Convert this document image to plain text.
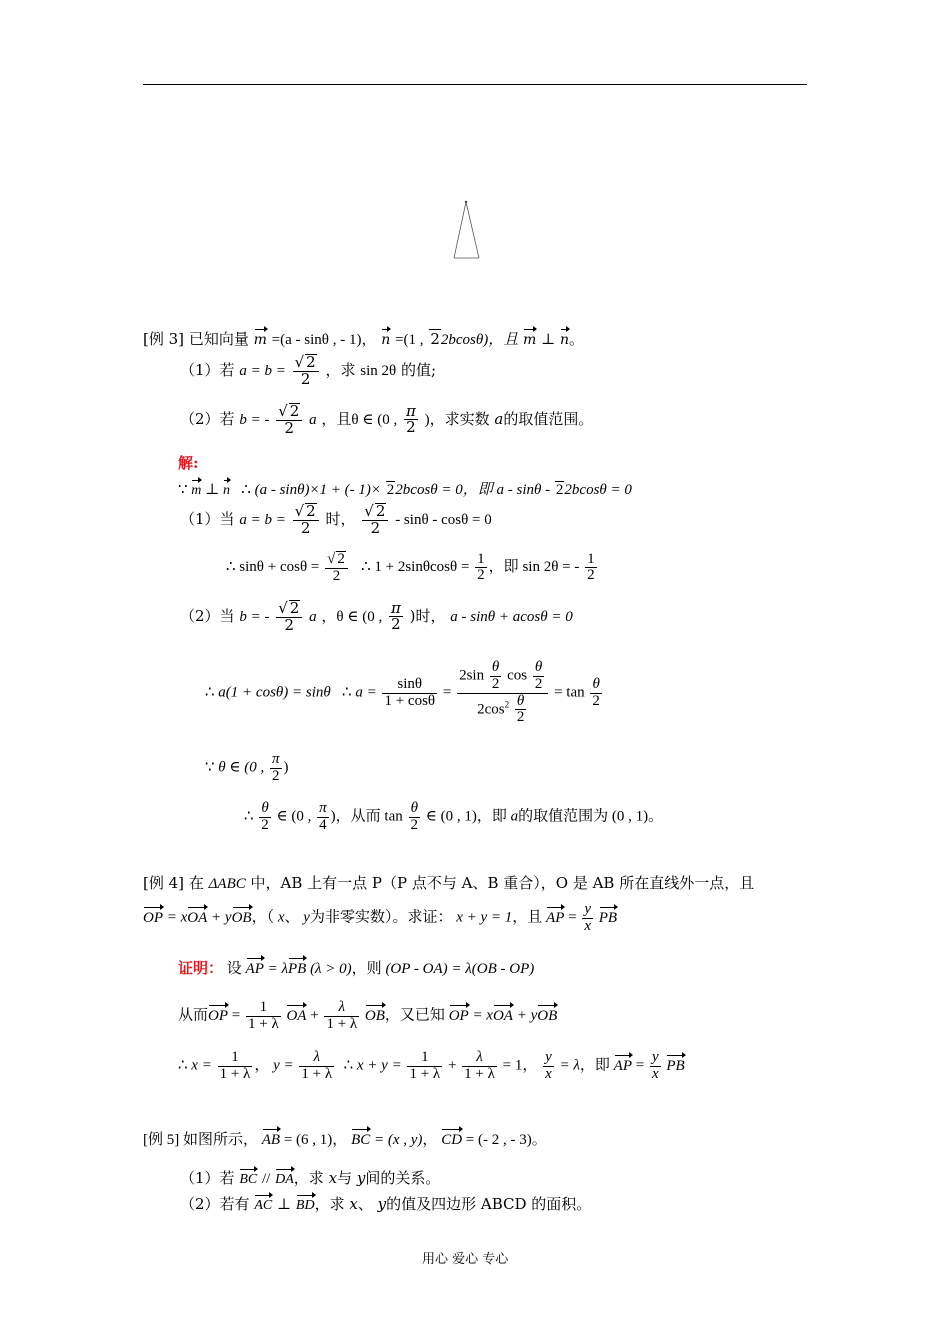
[例 3] 已知向量 m =(a - sinθ , - 1)， n =(1 , 22bcosθ)，且 m ⊥ n。
（1）若 $a = b = \frac{√ 2}{2}$ ，求 sin 2θ 的值;
（2）若 b = - $\frac{√ 2}{2}$ a ，且θ ∈ (0 , $\frac{\pi}{2}$ )，求实数 a的取值范围。
解:
∵ m ⊥ n ∴ (a - sinθ)×1 + (- 1)× 22bcosθ = 0，即 a - sinθ - 22bcosθ = 0
（1）当 $a = b = \frac{√ 2}{2}$ 时， $\frac{√ 2}{2} - \sin\theta - \cos\theta = 0$
∴ $\sin\theta + \cos\theta = \frac{√ 2}{2}$ ∴ $1 + 2\sin\theta\cos\theta = \frac{1}{2}$ ，即 sin 2θ = - $\frac{1}{2}$
（2）当 b = - $\frac{√ 2}{2}$ a ，θ ∈ (0 , $\frac{\pi}{2}$ )时， a - sinθ + acosθ = 0
∴ a(1 + cosθ) = sinθ ∴ $a = \frac{\sin\theta}{1 + \cos\theta} = \frac{2\sin \frac{\theta}{2} \cos \frac{\theta}{2}}{2\cos^2 \frac{\theta}{2}} = \tan \frac{\theta}{2}$
∵ θ ∈ (0 , $\frac{\pi}{2}$ )
∴ $\frac{\theta}{2}$ ∈ (0 , $\frac{\pi}{4}$ )，从而 $\tan \frac{\theta}{2}$ ∈ (0 , 1)，即 a的取值范围为 (0 , 1)。
[例 4] 在 ΔABC 中，AB 上有一点 P（P 点不与 A、B 重合），O 是 AB 所在直线外一点，且
OP = xOA + yOB，（ x、 y为非零实数）。求证： x + y = 1，且 AP = $\frac{y}{x}$ PB
证明： 设 AP = λPB (λ > 0)，则 (OP - OA) = λ(OB - OP)
从而OP = $\frac{1}{1 + \lambda}$ OA + $\frac{\lambda}{1 + \lambda}$ OB，又已知 OP = xOA + yOB
∴ $x = \frac{1}{1 + \lambda}$ ， $y = \frac{\lambda}{1 + \lambda}$ ∴ $x + y = \frac{1}{1 + \lambda} + \frac{\lambda}{1 + \lambda} = 1$， $\frac{y}{x} = \lambda$，即 AP = $\frac{y}{x}$ PB
[例 5] 如图所示， AB = (6 , 1)， BC = (x , y)， CD = (- 2 , - 3)。
（1）若 BC // DA，求 x与 y间的关系。
（2）若有 AC ⊥ BD，求 x、 y的值及四边形 ABCD 的面积。
用心 爱心 专心
